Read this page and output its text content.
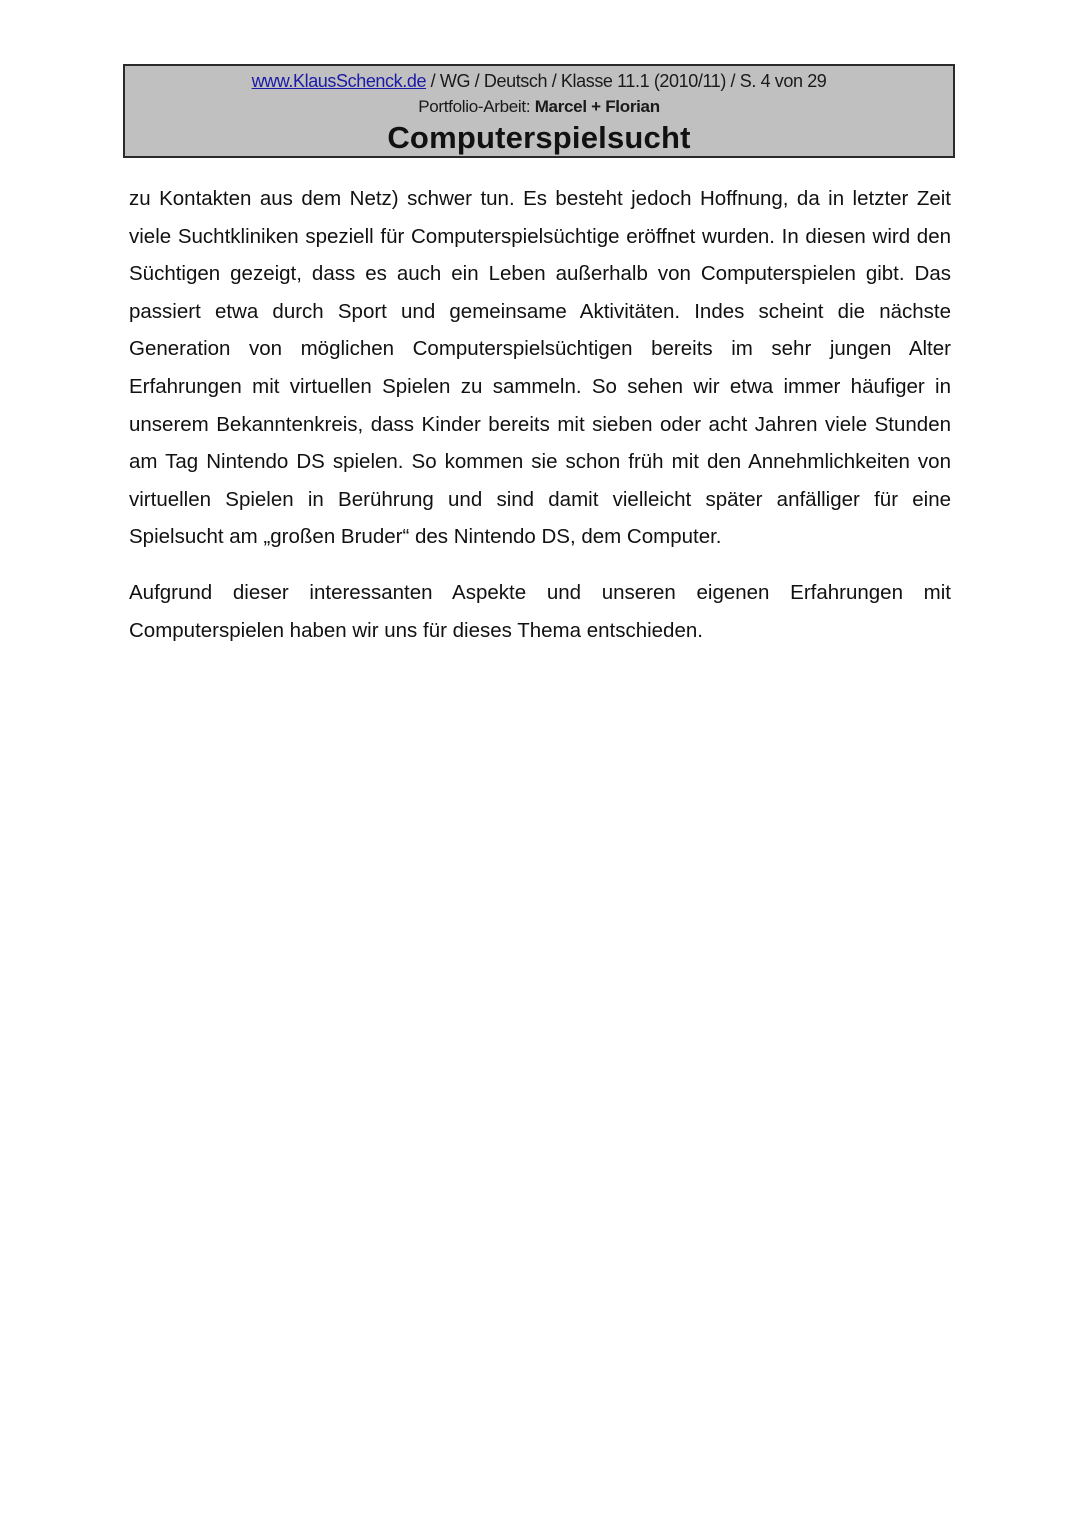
www.KlausSchenck.de / WG / Deutsch / Klasse 11.1 (2010/11) / S. 4 von 29
Portfolio-Arbeit: Marcel + Florian
Computerspielsucht

zu Kontakten aus dem Netz) schwer tun. Es besteht jedoch Hoffnung, da in letzter Zeit viele Suchtkliniken speziell für Computerspielsüchtige eröffnet wurden. In diesen wird den Süchtigen gezeigt, dass es auch ein Leben außerhalb von Computerspielen gibt. Das passiert etwa durch Sport und gemeinsame Aktivitäten. Indes scheint die nächste Generation von möglichen Computerspielsüchtigen bereits im sehr jungen Alter Erfahrungen mit virtuellen Spielen zu sammeln. So sehen wir etwa immer häufiger in unserem Bekanntenkreis, dass Kinder bereits mit sieben oder acht Jahren viele Stunden am Tag Nintendo DS spielen. So kommen sie schon früh mit den Annehmlichkeiten von virtuellen Spielen in Berührung und sind damit vielleicht später anfälliger für eine Spielsucht am „großen Bruder“ des Nintendo DS, dem Computer.

Aufgrund dieser interessanten Aspekte und unseren eigenen Erfahrungen mit Computerspielen haben wir uns für dieses Thema entschieden.
